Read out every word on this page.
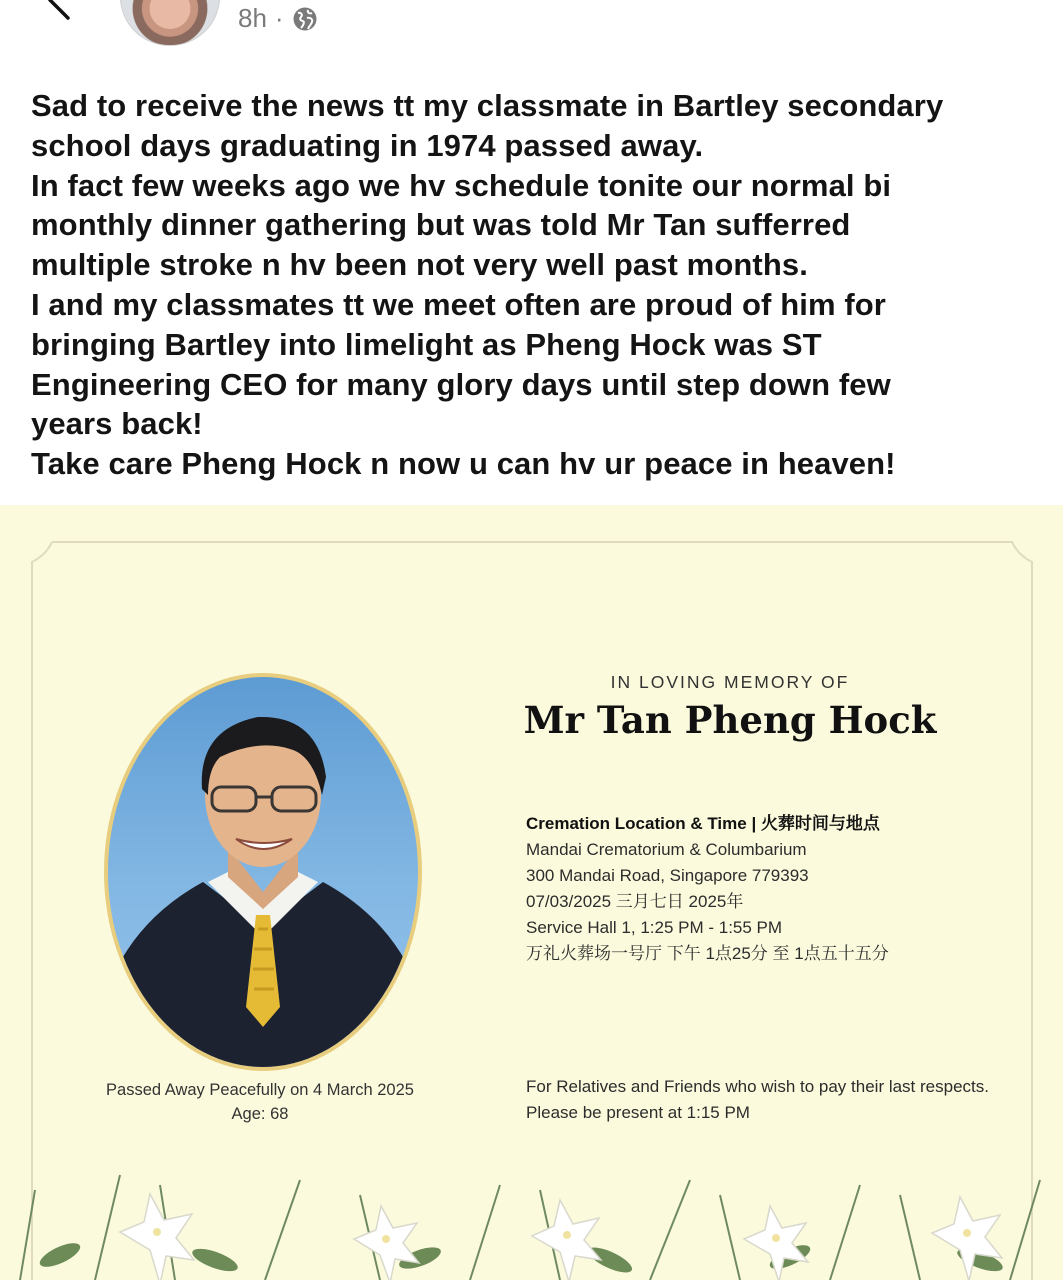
8h ·
Sad to receive the news tt my classmate in Bartley secondary
school days graduating in 1974 passed away.
In fact few weeks ago we hv schedule tonite our normal bi
monthly dinner gathering but was told Mr Tan sufferred
multiple stroke n hv been not very well past months.
I and my classmates tt we meet often are proud of him for
bringing Bartley into limelight as Pheng Hock was ST
Engineering CEO for many glory days until step down few
years back!
Take care Pheng Hock n now u can hv ur peace in heaven!
Passed Away Peacefully on 4 March 2025
Age: 68
IN LOVING MEMORY OF
Mr Tan Pheng Hock
Cremation Location & Time | 火葬时间与地点
Mandai Crematorium & Columbarium
300 Mandai Road, Singapore 779393
07/03/2025 三月七日 2025年
Service Hall 1, 1:25 PM - 1:55 PM
万礼火葬场一号厅 下午 1点25分 至 1点五十五分
For Relatives and Friends who wish to pay their last respects.
Please be present at 1:15 PM
